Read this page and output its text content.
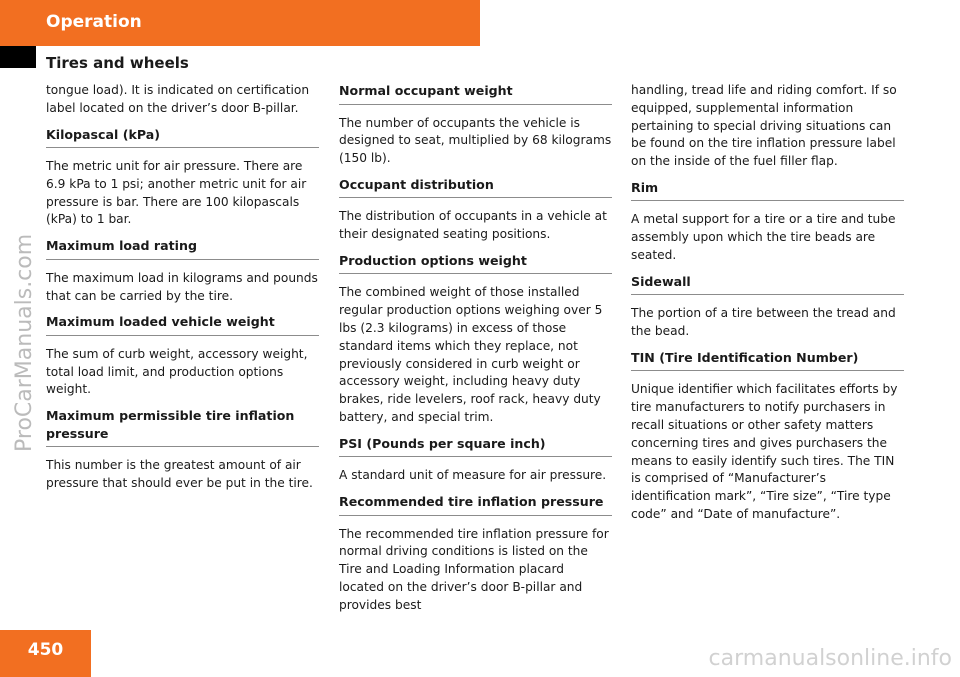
Operation
Tires and wheels
tongue load). It is indicated on certification label located on the driver’s door B-pillar.
Kilopascal (kPa)
The metric unit for air pressure. There are 6.9 kPa to 1 psi; another metric unit for air pressure is bar. There are 100 kilopascals (kPa) to 1 bar.
Maximum load rating
The maximum load in kilograms and pounds that can be carried by the tire.
Maximum loaded vehicle weight
The sum of curb weight, accessory weight, total load limit, and production options weight.
Maximum permissible tire inflation pressure
This number is the greatest amount of air pressure that should ever be put in the tire.
Normal occupant weight
The number of occupants the vehicle is designed to seat, multiplied by 68 kilograms (150 lb).
Occupant distribution
The distribution of occupants in a vehicle at their designated seating positions.
Production options weight
The combined weight of those installed regular production options weighing over 5 lbs (2.3 kilograms) in excess of those standard items which they replace, not previously considered in curb weight or accessory weight, including heavy duty brakes, ride levelers, roof rack, heavy duty battery, and special trim.
PSI (Pounds per square inch)
A standard unit of measure for air pressure.
Recommended tire inflation pressure
The recommended tire inflation pressure for normal driving conditions is listed on the Tire and Loading Information placard located on the driver’s door B-pillar and provides best
handling, tread life and riding comfort. If so equipped, supplemental information pertaining to special driving situations can be found on the tire inflation pressure label on the inside of the fuel filler flap.
Rim
A metal support for a tire or a tire and tube assembly upon which the tire beads are seated.
Sidewall
The portion of a tire between the tread and the bead.
TIN (Tire Identification Number)
Unique identifier which facilitates efforts by tire manufacturers to notify purchasers in recall situations or other safety matters concerning tires and gives purchasers the means to easily identify such tires. The TIN is comprised of “Manufacturer’s identification mark”, “Tire size”, “Tire type code” and “Date of manufacture”.
450
ProCarManuals.com
carmanualsonline.info
